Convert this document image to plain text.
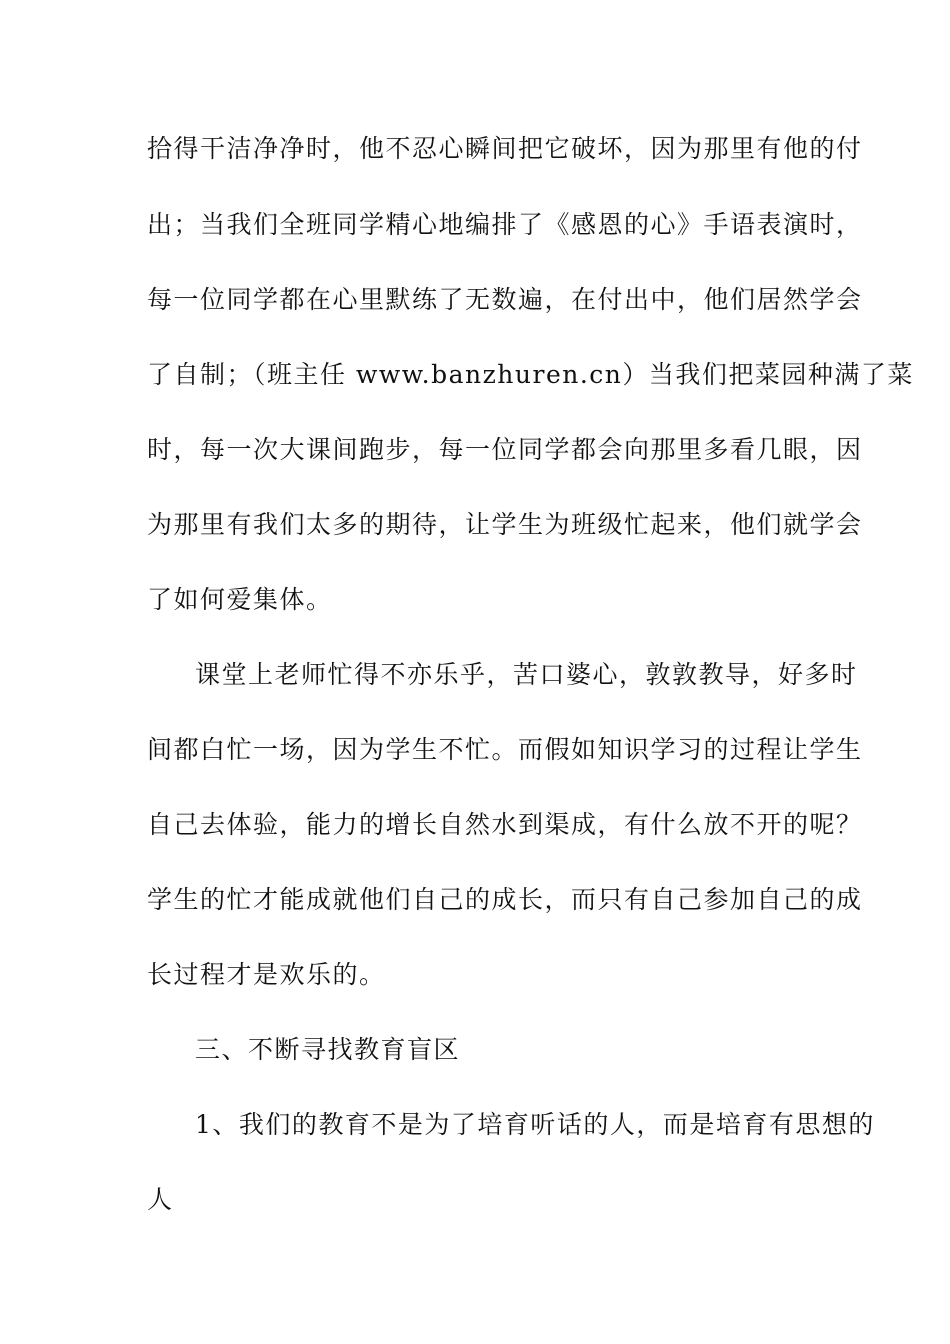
拾得干洁净净时，他不忍心瞬间把它破坏，因为那里有他的付
出；当我们全班同学精心地编排了《感恩的心》手语表演时，
每一位同学都在心里默练了无数遍，在付出中，他们居然学会
了自制；（班主任 www.banzhuren.cn）当我们把菜园种满了菜
时，每一次大课间跑步，每一位同学都会向那里多看几眼，因
为那里有我们太多的期待，让学生为班级忙起来，他们就学会
了如何爱集体。
课堂上老师忙得不亦乐乎，苦口婆心，敦敦教导，好多时
间都白忙一场，因为学生不忙。而假如知识学习的过程让学生
自己去体验，能力的增长自然水到渠成，有什么放不开的呢？
学生的忙才能成就他们自己的成长，而只有自己参加自己的成
长过程才是欢乐的。
三、不断寻找教育盲区
1、我们的教育不是为了培育听话的人，而是培育有思想的
人
